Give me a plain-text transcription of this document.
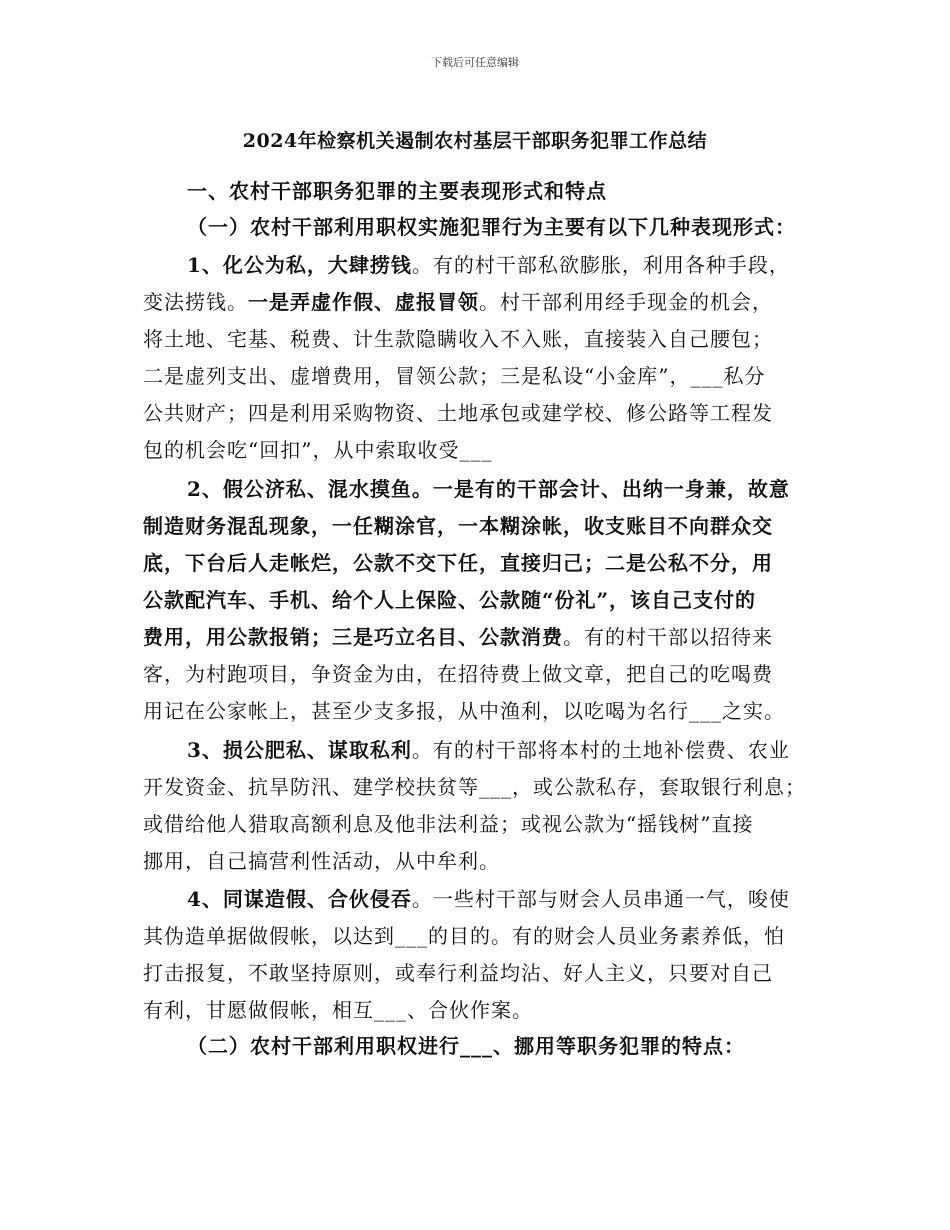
下载后可任意编辑
2024年检察机关遏制农村基层干部职务犯罪工作总结
一、农村干部职务犯罪的主要表现形式和特点
（一）农村干部利用职权实施犯罪行为主要有以下几种表现形式：
1、化公为私，大肆捞钱。有的村干部私欲膨胀，利用各种手段，
变法捞钱。一是弄虚作假、虚报冒领。村干部利用经手现金的机会，
将土地、宅基、税费、计生款隐瞒收入不入账，直接装入自己腰包；
二是虚列支出、虚增费用，冒领公款；三是私设“小金库”，___私分
公共财产；四是利用采购物资、土地承包或建学校、修公路等工程发
包的机会吃“回扣”，从中索取收受___
2、假公济私、混水摸鱼。一是有的干部会计、出纳一身兼，故意
制造财务混乱现象，一任糊涂官，一本糊涂帐，收支账目不向群众交
底，下台后人走帐烂，公款不交下任，直接归己；二是公私不分，用
公款配汽车、手机、给个人上保险、公款随“份礼”，该自己支付的
费用，用公款报销；三是巧立名目、公款消费。有的村干部以招待来
客，为村跑项目，争资金为由，在招待费上做文章，把自己的吃喝费
用记在公家帐上，甚至少支多报，从中渔利，以吃喝为名行___之实。
3、损公肥私、谋取私利。有的村干部将本村的土地补偿费、农业
开发资金、抗旱防汛、建学校扶贫等___，或公款私存，套取银行利息；
或借给他人猎取高额利息及他非法利益；或视公款为“摇钱树”直接
挪用，自己搞营利性活动，从中牟利。
4、同谋造假、合伙侵吞。一些村干部与财会人员串通一气，唆使
其伪造单据做假帐，以达到___的目的。有的财会人员业务素养低，怕
打击报复，不敢坚持原则，或奉行利益均沾、好人主义，只要对自己
有利，甘愿做假帐，相互___、合伙作案。
（二）农村干部利用职权进行___、挪用等职务犯罪的特点：
